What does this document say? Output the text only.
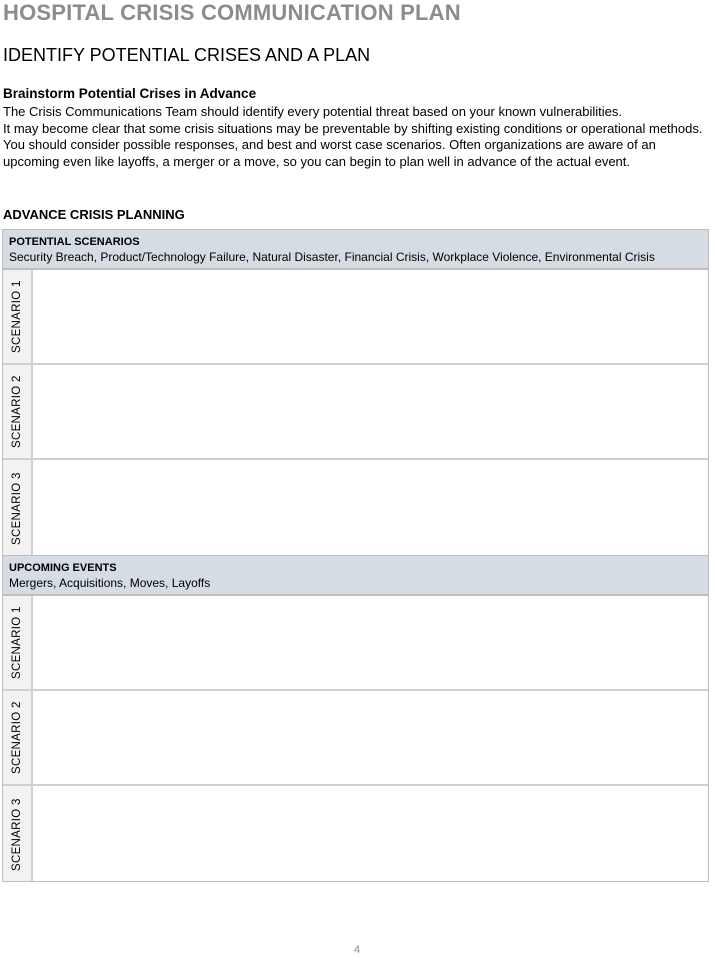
HOSPITAL CRISIS COMMUNICATION PLAN
IDENTIFY POTENTIAL CRISES AND A PLAN
Brainstorm Potential Crises in Advance

The Crisis Communications Team should identify every potential threat based on your known vulnerabilities.

It may become clear that some crisis situations may be preventable by shifting existing conditions or operational methods. You should consider possible responses, and best and worst case scenarios. Often organizations are aware of an upcoming even like layoffs, a merger or a move, so you can begin to plan well in advance of the actual event.

ADVANCE CRISIS PLANNING
POTENTIAL SCENARIOS
Security Breach, Product/Technology Failure, Natural Disaster, Financial Crisis, Workplace Violence, Environmental Crisis
SCENARIO 1
SCENARIO 2
SCENARIO 3
UPCOMING EVENTS
Mergers, Acquisitions, Moves, Layoffs
SCENARIO 1
SCENARIO 2
SCENARIO 3
4
